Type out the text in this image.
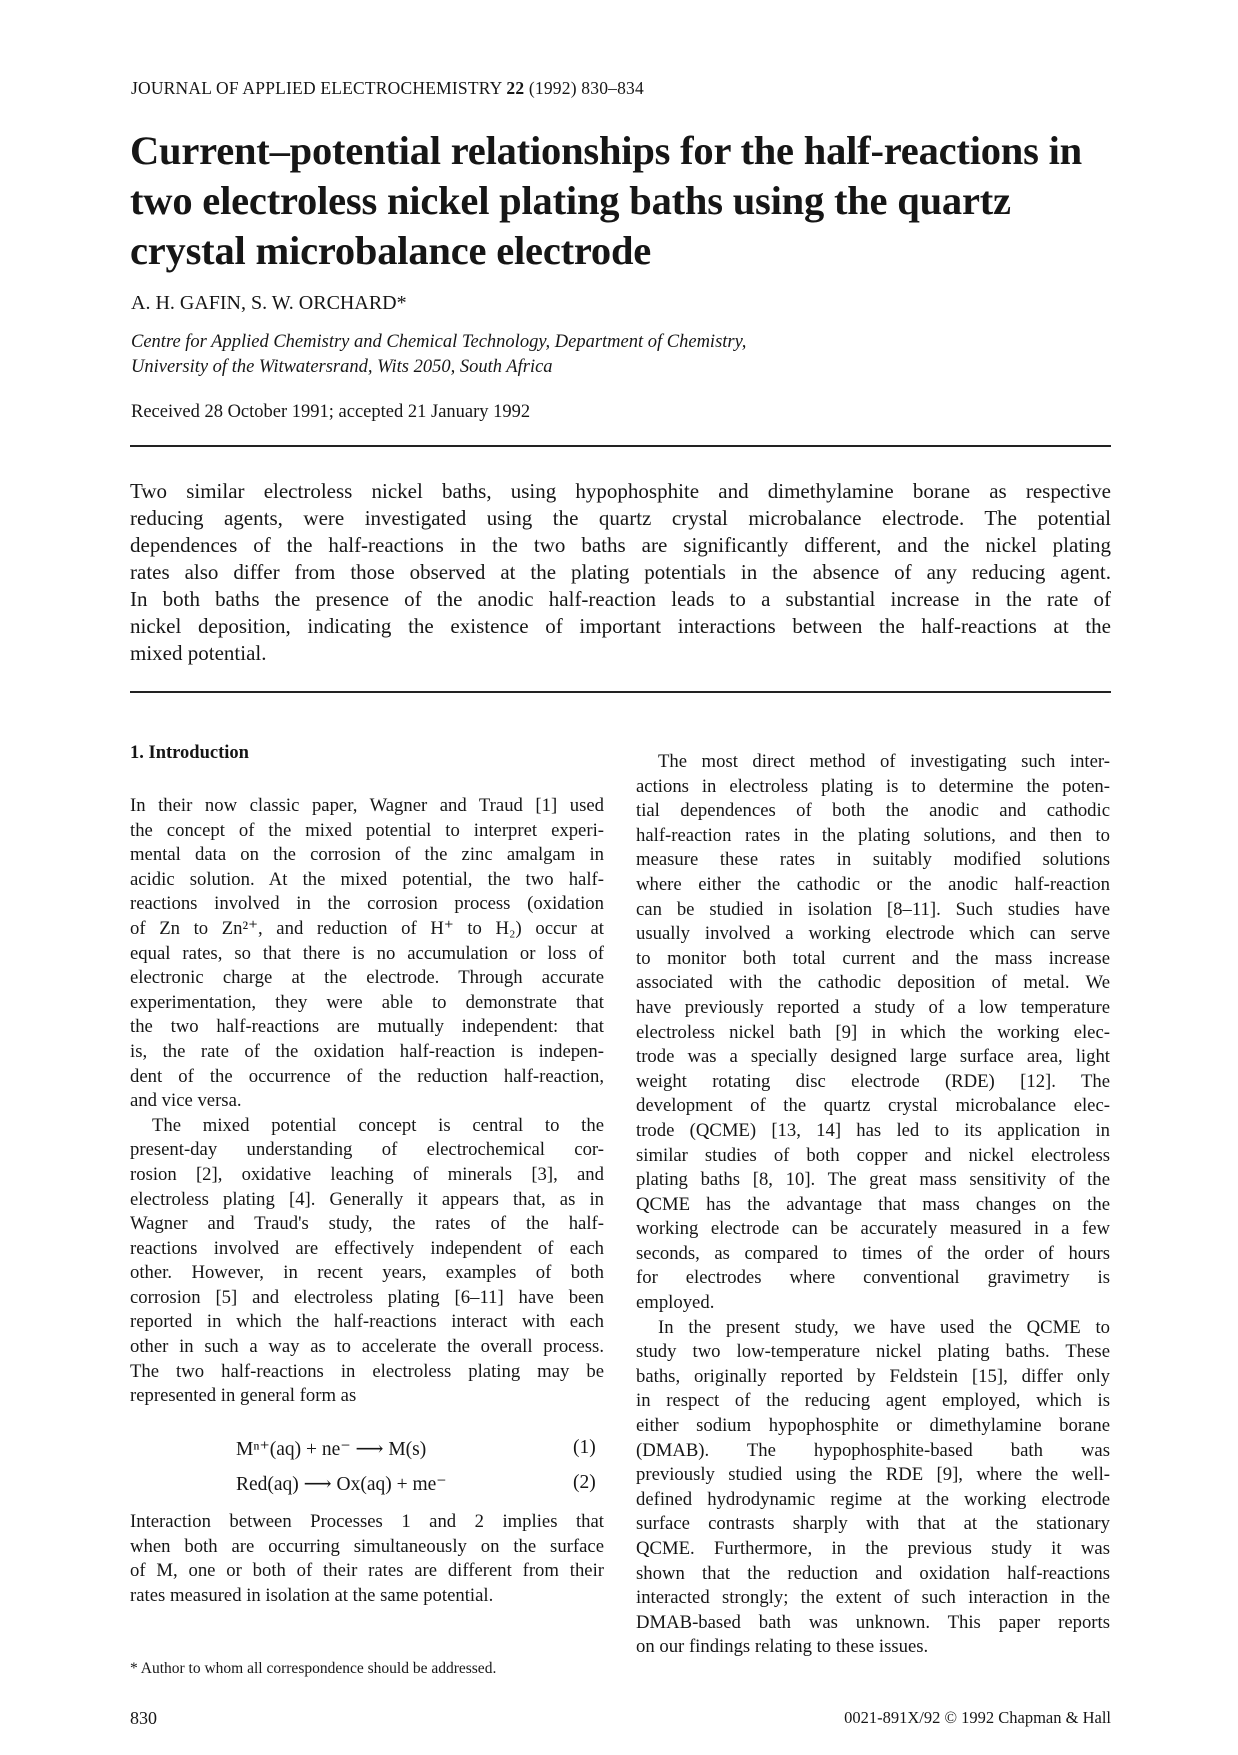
JOURNAL OF APPLIED ELECTROCHEMISTRY 22 (1992) 830–834
Current–potential relationships for the half-reactions in
two electroless nickel plating baths using the quartz
crystal microbalance electrode
A. H. GAFIN, S. W. ORCHARD*
Centre for Applied Chemistry and Chemical Technology, Department of Chemistry,
University of the Witwatersrand, Wits 2050, South Africa
Received 28 October 1991; accepted 21 January 1992
Two similar electroless nickel baths, using hypophosphite and dimethylamine borane as respective
reducing agents, were investigated using the quartz crystal microbalance electrode. The potential
dependences of the half-reactions in the two baths are significantly different, and the nickel plating
rates also differ from those observed at the plating potentials in the absence of any reducing agent.
In both baths the presence of the anodic half-reaction leads to a substantial increase in the rate of
nickel deposition, indicating the existence of important interactions between the half-reactions at the
mixed potential.
1. Introduction
In their now classic paper, Wagner and Traud [1] used
the concept of the mixed potential to interpret experi-
mental data on the corrosion of the zinc amalgam in
acidic solution. At the mixed potential, the two half-
reactions involved in the corrosion process (oxidation
of Zn to Zn²⁺, and reduction of H⁺ to H₂) occur at
equal rates, so that there is no accumulation or loss of
electronic charge at the electrode. Through accurate
experimentation, they were able to demonstrate that
the two half-reactions are mutually independent: that
is, the rate of the oxidation half-reaction is indepen-
dent of the occurrence of the reduction half-reaction,
and vice versa.
The mixed potential concept is central to the
present-day understanding of electrochemical cor-
rosion [2], oxidative leaching of minerals [3], and
electroless plating [4]. Generally it appears that, as in
Wagner and Traud's study, the rates of the half-
reactions involved are effectively independent of each
other. However, in recent years, examples of both
corrosion [5] and electroless plating [6–11] have been
reported in which the half-reactions interact with each
other in such a way as to accelerate the overall process.
The two half-reactions in electroless plating may be
represented in general form as
Mⁿ⁺(aq) + ne⁻ ⟶ M(s)	(1)
Red(aq) ⟶ Ox(aq) + me⁻	(2)
Interaction between Processes 1 and 2 implies that
when both are occurring simultaneously on the surface
of M, one or both of their rates are different from their
rates measured in isolation at the same potential.
The most direct method of investigating such inter-
actions in electroless plating is to determine the poten-
tial dependences of both the anodic and cathodic
half-reaction rates in the plating solutions, and then to
measure these rates in suitably modified solutions
where either the cathodic or the anodic half-reaction
can be studied in isolation [8–11]. Such studies have
usually involved a working electrode which can serve
to monitor both total current and the mass increase
associated with the cathodic deposition of metal. We
have previously reported a study of a low temperature
electroless nickel bath [9] in which the working elec-
trode was a specially designed large surface area, light
weight rotating disc electrode (RDE) [12]. The
development of the quartz crystal microbalance elec-
trode (QCME) [13, 14] has led to its application in
similar studies of both copper and nickel electroless
plating baths [8, 10]. The great mass sensitivity of the
QCME has the advantage that mass changes on the
working electrode can be accurately measured in a few
seconds, as compared to times of the order of hours
for electrodes where conventional gravimetry is
employed.
In the present study, we have used the QCME to
study two low-temperature nickel plating baths. These
baths, originally reported by Feldstein [15], differ only
in respect of the reducing agent employed, which is
either sodium hypophosphite or dimethylamine borane
(DMAB). The hypophosphite-based bath was
previously studied using the RDE [9], where the well-
defined hydrodynamic regime at the working electrode
surface contrasts sharply with that at the stationary
QCME. Furthermore, in the previous study it was
shown that the reduction and oxidation half-reactions
interacted strongly; the extent of such interaction in the
DMAB-based bath was unknown. This paper reports
on our findings relating to these issues.
* Author to whom all correspondence should be addressed.
830	0021-891X/92 © 1992 Chapman & Hall
